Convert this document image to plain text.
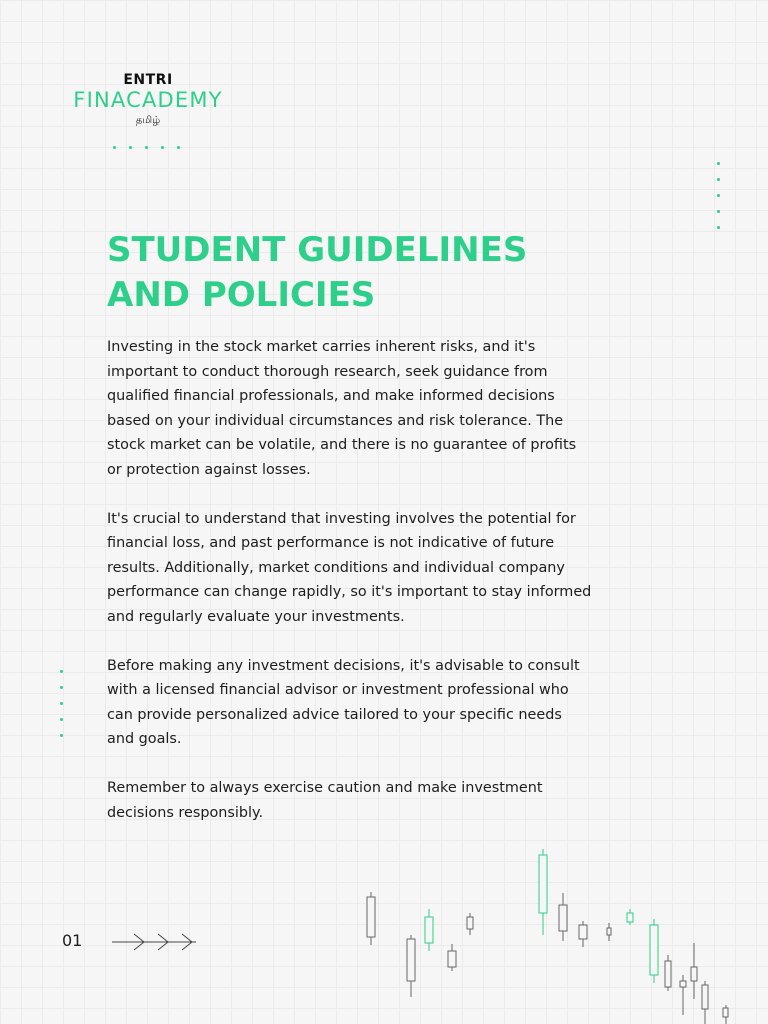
ENTRI
FINACADEMY
தமிழ்
STUDENT GUIDELINES
AND POLICIES

Investing in the stock market carries inherent risks, and it's
important to conduct thorough research, seek guidance from
qualified financial professionals, and make informed decisions
based on your individual circumstances and risk tolerance. The
stock market can be volatile, and there is no guarantee of profits
or protection against losses.

It's crucial to understand that investing involves the potential for
financial loss, and past performance is not indicative of future
results. Additionally, market conditions and individual company
performance can change rapidly, so it's important to stay informed
and regularly evaluate your investments.

Before making any investment decisions, it's advisable to consult
with a licensed financial advisor or investment professional who
can provide personalized advice tailored to your specific needs
and goals.

Remember to always exercise caution and make investment
decisions responsibly.

01
